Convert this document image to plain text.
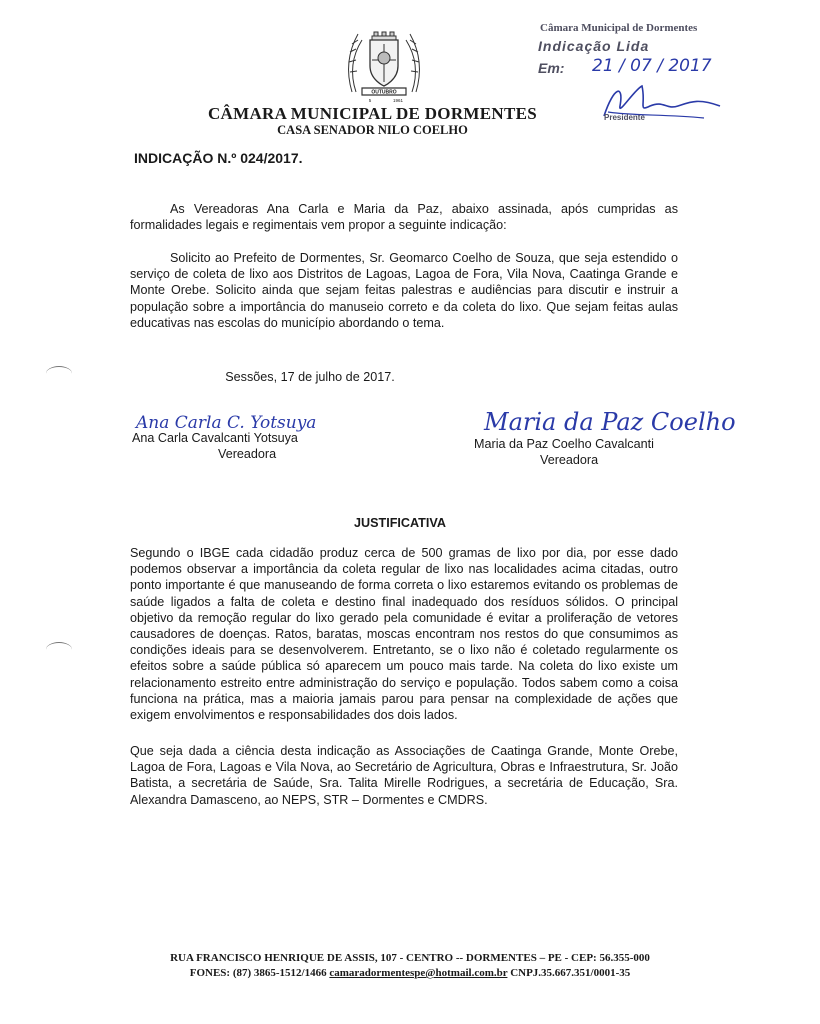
OUTUBRO
5	1961
CÂMARA MUNICIPAL DE DORMENTES
CASA SENADOR NILO COELHO
Câmara Municipal de Dormentes
Indicação Lida
Em: 21 / 07 / 2017
Presidente
INDICAÇÃO N.º 024/2017.
As Vereadoras Ana Carla e Maria da Paz, abaixo assinada, após cumpridas as formalidades legais e regimentais vem propor a seguinte indicação:
Solicito ao Prefeito de Dormentes, Sr. Geomarco Coelho de Souza, que seja estendido o serviço de coleta de lixo aos Distritos de Lagoas, Lagoa de Fora, Vila Nova, Caatinga Grande e Monte Orebe. Solicito ainda que sejam feitas palestras e audiências para discutir e instruir a população sobre a importância do manuseio correto e da coleta do lixo. Que sejam feitas aulas educativas nas escolas do município abordando o tema.
Sessões, 17 de julho de 2017.
Ana Carla C. Yotsuya
Ana Carla Cavalcanti Yotsuya
Vereadora
Maria da Paz Coelho
Maria da Paz Coelho Cavalcanti
Vereadora
JUSTIFICATIVA
Segundo o IBGE cada cidadão produz cerca de 500 gramas de lixo por dia, por esse dado podemos observar a importância da coleta regular de lixo nas localidades acima citadas, outro ponto importante é que manuseando de forma correta o lixo estaremos evitando os problemas de saúde ligados a falta de coleta e destino final inadequado dos resíduos sólidos. O principal objetivo da remoção regular do lixo gerado pela comunidade é evitar a proliferação de vetores causadores de doenças. Ratos, baratas, moscas encontram nos restos do que consumimos as condições ideais para se desenvolverem. Entretanto, se o lixo não é coletado regularmente os efeitos sobre a saúde pública só aparecem um pouco mais tarde. Na coleta do lixo existe um relacionamento estreito entre administração do serviço e população. Todos sabem como a coisa funciona na prática, mas a maioria jamais parou para pensar na complexidade de ações que exigem envolvimentos e responsabilidades dos dois lados.
Que seja dada a ciência desta indicação as Associações de Caatinga Grande, Monte Orebe, Lagoa de Fora, Lagoas e Vila Nova, ao Secretário de Agricultura, Obras e Infraestrutura, Sr. João Batista, a secretária de Saúde, Sra. Talita Mirelle Rodrigues, a secretária de Educação, Sra. Alexandra Damasceno, ao NEPS, STR – Dormentes e CMDRS.
RUA FRANCISCO HENRIQUE DE ASSIS, 107 - CENTRO -- DORMENTES – PE - CEP: 56.355-000
FONES: (87) 3865-1512/1466 camaradormentespe@hotmail.com.br CNPJ.35.667.351/0001-35
